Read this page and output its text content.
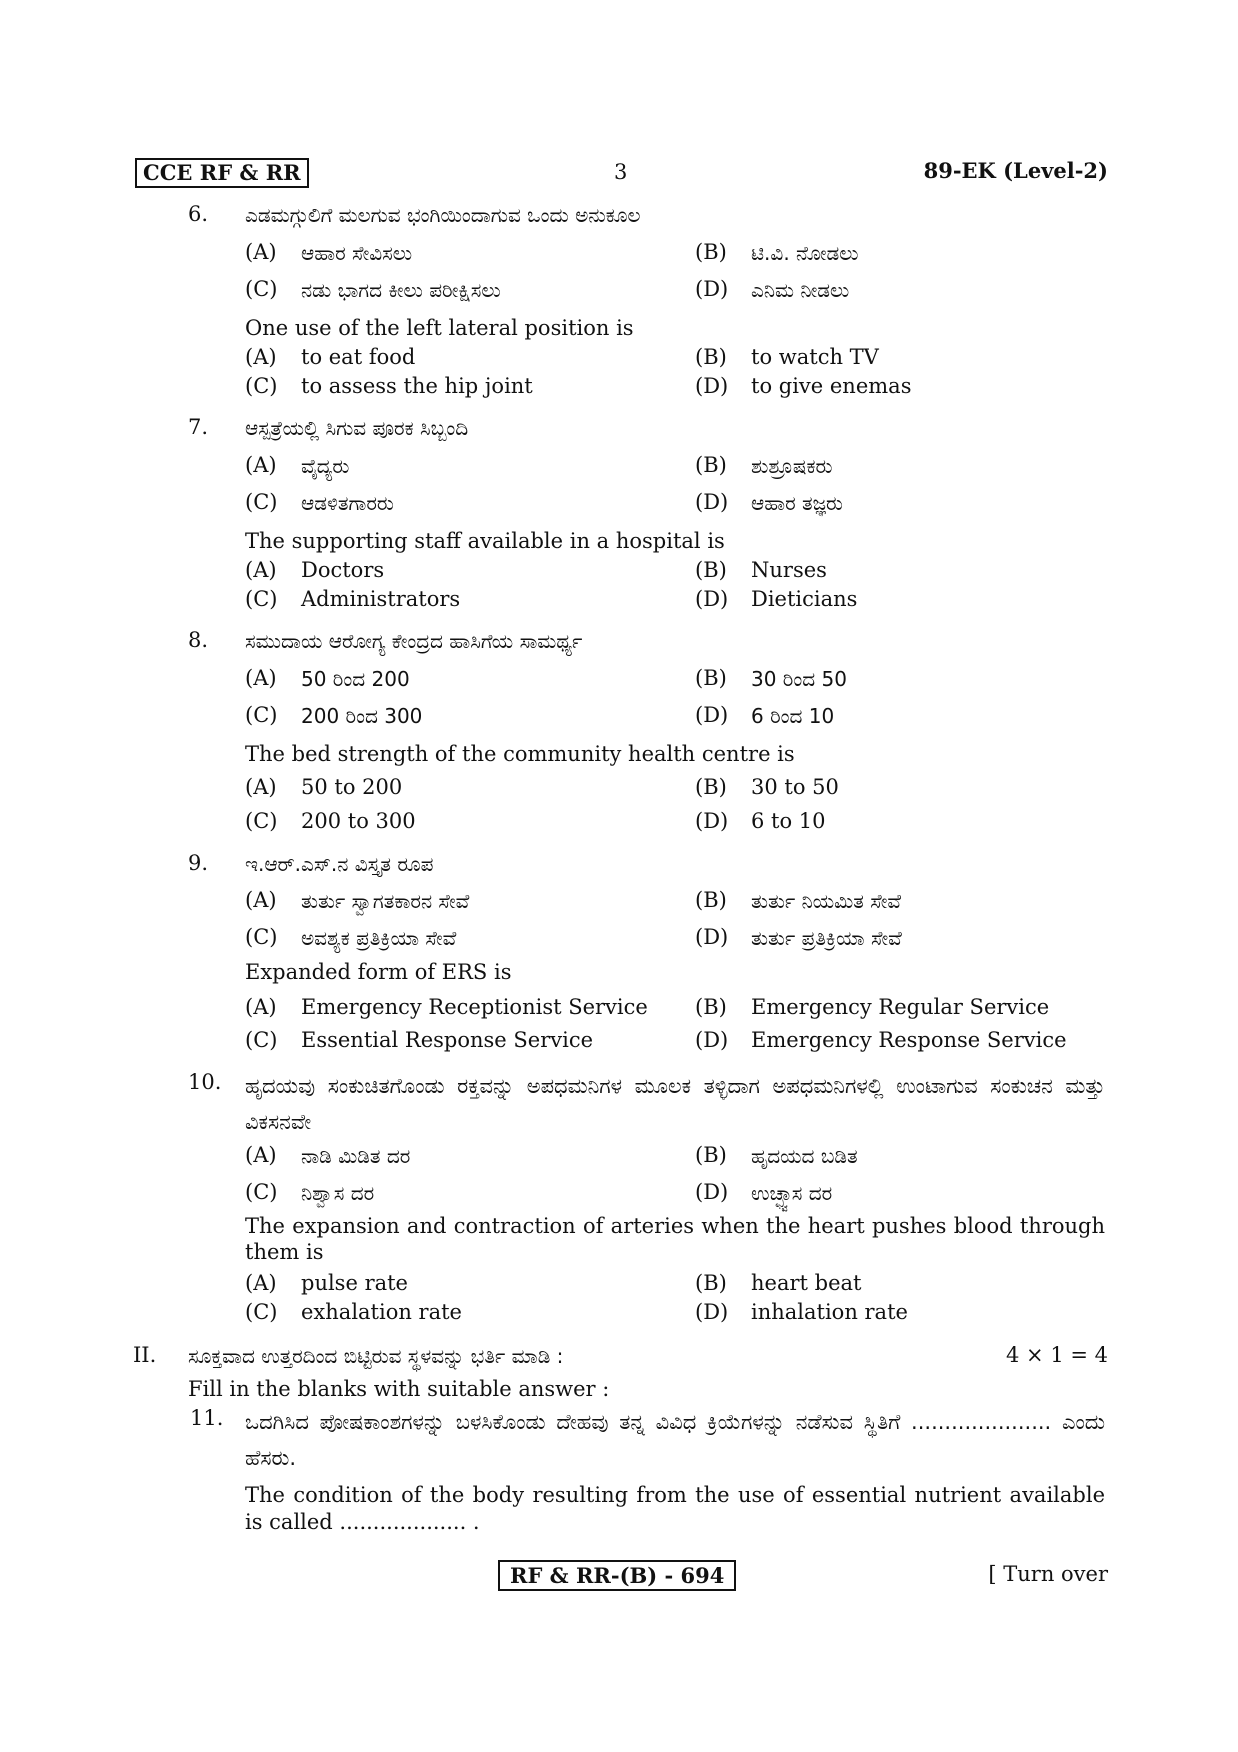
CCE RF & RR	3	89-EK (Level-2)
6. ಎಡಮಗ್ಗುಲಿಗೆ ಮಲಗುವ ಭಂಗಿಯಿಂದಾಗುವ ಒಂದು ಅನುಕೂಲ
(A) ಆಹಾರ ಸೇವಿಸಲು	(B) ಟಿ.ವಿ. ನೋಡಲು
(C) ನಡು ಭಾಗದ ಕೀಲು ಪರೀಕ್ಷಿಸಲು	(D) ಎನಿಮ ನೀಡಲು
One use of the left lateral position is
(A) to eat food	(B) to watch TV
(C) to assess the hip joint	(D) to give enemas
7. ಆಸ್ಪತ್ರೆಯಲ್ಲಿ ಸಿಗುವ ಪೂರಕ ಸಿಬ್ಬಂದಿ
(A) ವೈದ್ಯರು	(B) ಶುಶ್ರೂಷಕರು
(C) ಆಡಳಿತಗಾರರು	(D) ಆಹಾರ ತಜ್ಞರು
The supporting staff available in a hospital is
(A) Doctors	(B) Nurses
(C) Administrators	(D) Dieticians
8. ಸಮುದಾಯ ಆರೋಗ್ಯ ಕೇಂದ್ರದ ಹಾಸಿಗೆಯ ಸಾಮರ್ಥ್ಯ
(A) 50 ರಿಂದ 200	(B) 30 ರಿಂದ 50
(C) 200 ರಿಂದ 300	(D) 6 ರಿಂದ 10
The bed strength of the community health centre is
(A) 50 to 200	(B) 30 to 50
(C) 200 to 300	(D) 6 to 10
9. ಇ.ಆರ್.ಎಸ್.ನ ವಿಸ್ತೃತ ರೂಪ
(A) ತುರ್ತು ಸ್ವಾಗತಕಾರನ ಸೇವೆ	(B) ತುರ್ತು ನಿಯಮಿತ ಸೇವೆ
(C) ಅವಶ್ಯಕ ಪ್ರತಿಕ್ರಿಯಾ ಸೇವೆ	(D) ತುರ್ತು ಪ್ರತಿಕ್ರಿಯಾ ಸೇವೆ
Expanded form of ERS is
(A) Emergency Receptionist Service (B) Emergency Regular Service
(C) Essential Response Service	(D) Emergency Response Service
10. ಹೃದಯವು ಸಂಕುಚಿತಗೊಂಡು ರಕ್ತವನ್ನು ಅಪಧಮನಿಗಳ ಮೂಲಕ ತಳ್ಳಿದಾಗ ಅಪಧಮನಿಗಳಲ್ಲಿ ಉಂಟಾಗುವ ಸಂಕುಚನ ಮತ್ತು ವಿಕಸನವೇ
(A) ನಾಡಿ ಮಿಡಿತ ದರ	(B) ಹೃದಯದ ಬಡಿತ
(C) ನಿಶ್ವಾಸ ದರ	(D) ಉಚ್ಛ್ವಾಸ ದರ
The expansion and contraction of arteries when the heart pushes blood through them is
(A) pulse rate	(B) heart beat
(C) exhalation rate	(D) inhalation rate
II. ಸೂಕ್ತವಾದ ಉತ್ತರದಿಂದ ಬಿಟ್ಟಿರುವ ಸ್ಥಳವನ್ನು ಭರ್ತಿ ಮಾಡಿ :	4 × 1 = 4
Fill in the blanks with suitable answer :
11. ಒದಗಿಸಿದ ಪೋಷಕಾಂಶಗಳನ್ನು ಬಳಸಿಕೊಂಡು ದೇಹವು ತನ್ನ ವಿವಿಧ ಕ್ರಿಯೆಗಳನ್ನು ನಡೆಸುವ ಸ್ಥಿತಿಗೆ ..................... ಎಂದು ಹೆಸರು.
The condition of the body resulting from the use of essential nutrient available is called ................... .
RF & RR-(B) - 694	[ Turn over
